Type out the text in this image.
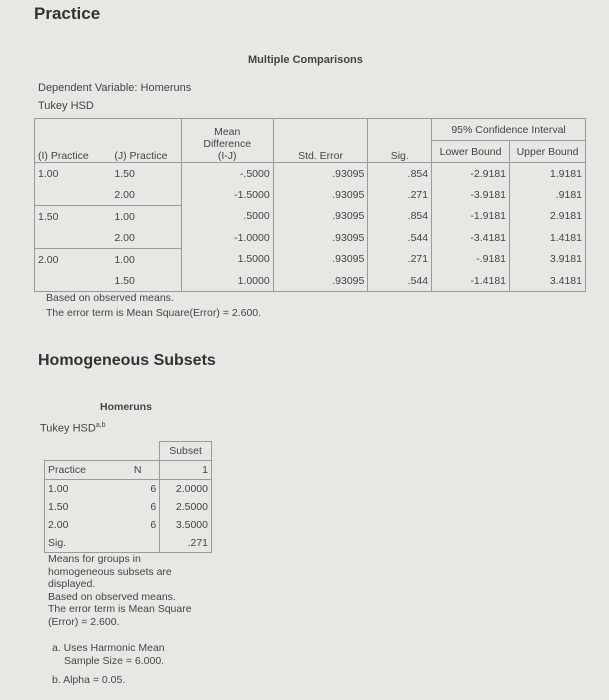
Practice
Multiple Comparisons
Dependent Variable: Homeruns
Tukey HSD
(I) Practice	(J) Practice	Mean Difference (I-J)	Std. Error	Sig.	95% Confidence Interval	
					Lower Bound	Upper Bound
1.00	1.50	-.5000	.93095	.854	-2.9181	1.9181
	2.00	-1.5000	.93095	.271	-3.9181	.9181
1.50	1.00	.5000	.93095	.854	-1.9181	2.9181
	2.00	-1.0000	.93095	.544	-3.4181	1.4181
2.00	1.00	1.5000	.93095	.271	-.9181	3.9181
	1.50	1.0000	.93095	.544	-1.4181	3.4181
Based on observed means.
The error term is Mean Square(Error) = 2.600.
Homogeneous Subsets
Homeruns
Tukey HSD$^{a,b}$
		Subset
Practice	N	1
1.00	6	2.0000
1.50	6	2.5000
2.00	6	3.5000
Sig.		.271
Means for groups in
homogeneous subsets are
displayed.
Based on observed means.
The error term is Mean Square
(Error) = 2.600.
a. Uses Harmonic Mean
Sample Size = 6.000.
b. Alpha = 0.05.
